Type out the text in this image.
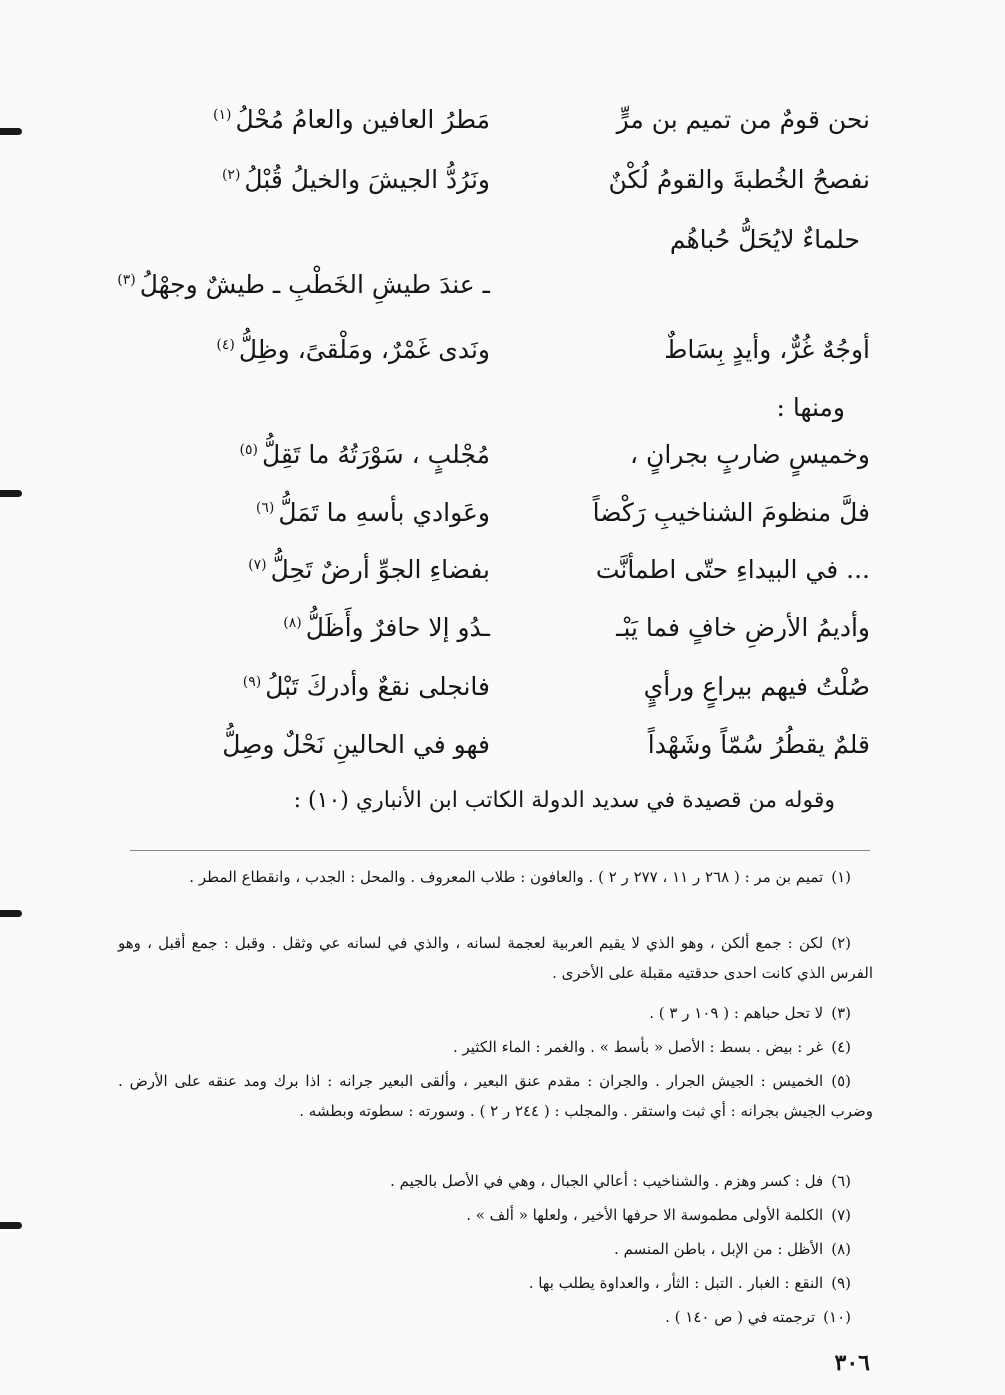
نحن قومٌ من تميم بن مرٍّ
مَطرُ العافين والعامُ مُحْلُ$^{(١)}$
نفصحُ الخُطبةَ والقومُ لُكْنٌ
ونَرُدُّ الجيشَ والخيلُ قُبْلُ$^{(٢)}$
حلماءٌ لايُحَلُّ حُباهُم
ـ عندَ طيشِ الخَطْبِ ـ طيشٌ وجهْلُ$^{(٣)}$
أوجُهٌ غُرٌّ، وأيدٍ بِسَاطٌ
ونَدى غَمْرٌ، ومَلْقىً، وظِلُّ$^{(٤)}$
ومنها :
وخميسٍ ضاربٍ بجرانٍ ،
مُجْلبٍ ، سَوْرَتُهُ ما تَقِلُّ$^{(٥)}$
فلَّ منظومَ الشناخيبِ رَكْضاً
وعَوادي بأسهِ ما تَمَلُّ$^{(٦)}$
... في البيداءِ حتّى اطمأنَّت
بفضاءِ الجوِّ أرضٌ تَحِلُّ$^{(٧)}$
وأديمُ الأرضِ خافٍ فما يَبْـ
ـدُو إلا حافرٌ وأَظَلُّ$^{(٨)}$
صُلْتُ فيهم بيراعٍ ورأيٍ
فانجلى نقعٌ وأدركَ تَبْلُ$^{(٩)}$
قلمٌ يقطُرُ سُمّاً وشَهْداً
فهو في الحالينِ نَحْلٌ وصِلُّ
وقوله من قصيدة في سديد الدولة الكاتب ابن الأنباري (١٠) :
(١)تميم بن مر : ( ٢٦٨ ر ١١ ، ٢٧٧ ر ٢ ) . والعافون : طلاب المعروف . والمحل : الجدب ، وانقطاع المطر .
(٢)لكن : جمع ألكن ، وهو الذي لا يقيم العربية لعجمة لسانه ، والذي في لسانه عي وثقل . وقبل : جمع أقبل ، وهو الفرس الذي كانت احدى حدقتيه مقبلة على الأخرى .
(٣)لا تحل حباهم : ( ١٠٩ ر ٣ ) .
(٤)غر : بيض . بسط : الأصل « بأسط » . والغمر : الماء الكثير .
(٥)الخميس : الجيش الجرار . والجران : مقدم عنق البعير ، وألقى البعير جرانه : اذا برك ومد عنقه على الأرض . وضرب الجيش بجرانه : أي ثبت واستقر . والمجلب : ( ٢٤٤ ر ٢ ) . وسورته : سطوته وبطشه .
(٦)فل : كسر وهزم . والشناخيب : أعالي الجبال ، وهي في الأصل بالجيم .
(٧)الكلمة الأولى مطموسة الا حرفها الأخير ، ولعلها « ألف » .
(٨)الأظل : من الإبل ، باطن المنسم .
(٩)النقع : الغبار . التبل : الثأر ، والعداوة يطلب بها .
(١٠)ترجمته في ( ص ١٤٠ ) .
٣٠٦
